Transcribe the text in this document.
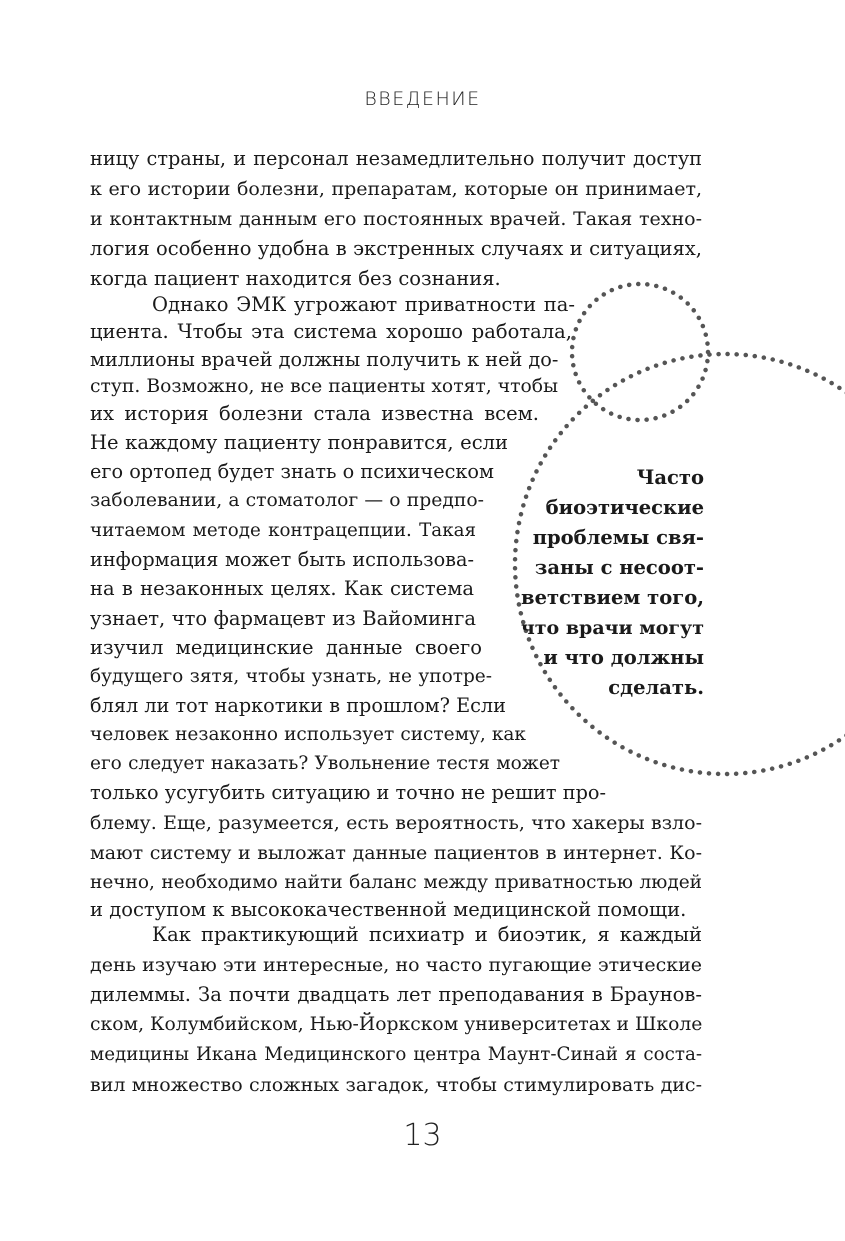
ВВЕДЕНИЕ
ницу страны, и персонал незамедлительно получит доступ
к его истории болезни, препаратам, которые он принимает,
и контактным данным его постоянных врачей. Такая техно-
логия особенно удобна в экстренных случаях и ситуациях,
когда пациент находится без сознания.
Однако ЭМК угрожают приватности па-
циента. Чтобы эта система хорошо работала,
миллионы врачей должны получить к ней до-
ступ. Возможно, не все пациенты хотят, чтобы
их история болезни стала известна всем.
Не каждому пациенту понравится, если
его ортопед будет знать о психическом
заболевании, а стоматолог — о предпо-
читаемом методе контрацепции. Такая
информация может быть использова-
на в незаконных целях. Как система
узнает, что фармацевт из Вайоминга
изучил медицинские данные своего
будущего зятя, чтобы узнать, не употре-
блял ли тот наркотики в прошлом? Если
человек незаконно использует систему, как
его следует наказать? Увольнение тестя может
только усугубить ситуацию и точно не решит про-
блему. Еще, разумеется, есть вероятность, что хакеры взло-
мают систему и выложат данные пациентов в интернет. Ко-
нечно, необходимо найти баланс между приватностью людей
и доступом к высококачественной медицинской помощи.
Как практикующий психиатр и биоэтик, я каждый
день изучаю эти интересные, но часто пугающие этические
дилеммы. За почти двадцать лет преподавания в Браунов-
ском, Колумбийском, Нью-Йоркском университетах и Школе
медицины Икана Медицинского центра Маунт-Синай я соста-
вил множество сложных загадок, чтобы стимулировать дис-
Часто
биоэтические
проблемы свя-
заны с несоот-
ветствием того,
что врачи могут
и что должны
сделать.
13
